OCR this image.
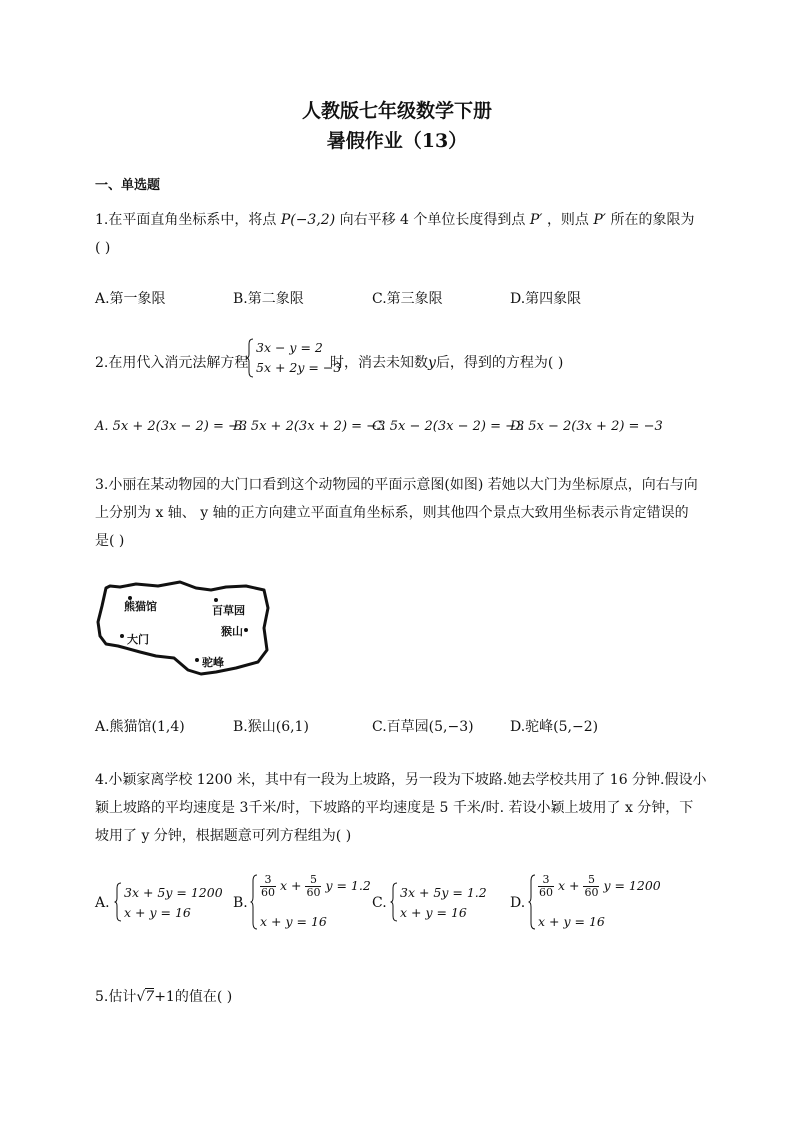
人教版七年级数学下册
暑假作业（13）
一、单选题
1.在平面直角坐标系中，将点 P(−3,2) 向右平移 4 个单位长度得到点 P′ ，则点 P′ 所在的象限为
( )
A.第一象限	B.第二象限	C.第三象限	D.第四象限
2.在用代入消元法解方程
3x − y = 2
5x + 2y = −3
时，消去未知数y后，得到的方程为( )
A. 5x + 2(3x − 2) = −3
B. 5x + 2(3x + 2) = −3
C. 5x − 2(3x − 2) = −3
D. 5x − 2(3x + 2) = −3
3.小丽在某动物园的大门口看到这个动物园的平面示意图(如图) 若她以大门为坐标原点，向右与向
上分别为 x 轴、 y 轴的正方向建立平面直角坐标系，则其他四个景点大致用坐标表示肯定错误的
是( )
熊猫馆	百草园
猴山
大门
驼峰
A.熊猫馆(1,4)	B.猴山(6,1)	C.百草园(5,−3)	D.驼峰(5,−2)
4.小颖家离学校 1200 米，其中有一段为上坡路，另一段为下坡路.她去学校共用了 16 分钟.假设小
颖上坡路的平均速度是 3千米/时，下坡路的平均速度是 5 千米/时. 若设小颖上坡用了 x 分钟，下
坡用了 y 分钟，根据题意可列方程组为( )
A.
3x + 5y = 1200
x + y = 16
B.
$\frac{3}{60}$ $x + \frac{5}{60}$ y = 1.2
x + y = 16
C.
3x + 5y = 1.2
x + y = 16
D.
$\frac{3}{60}$ $x + \frac{5}{60}$ y = 1200
x + y = 16
5.估计√7+1的值在( )
